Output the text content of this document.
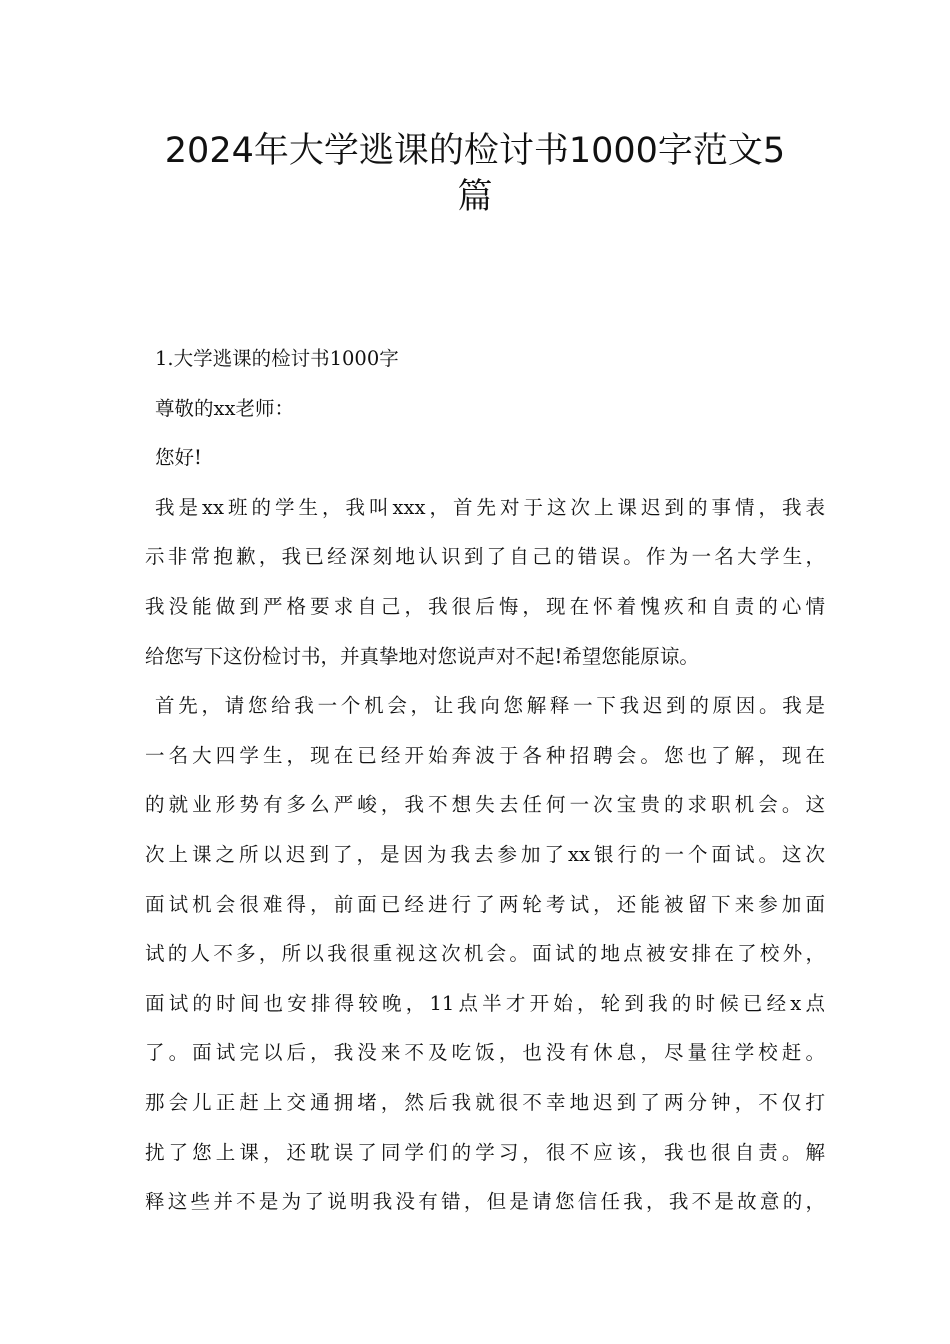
2024年大学逃课的检讨书1000字范文5
篇
1.大学逃课的检讨书1000字
尊敬的xx老师：
您好!
我是xx班的学生，我叫xxx，首先对于这次上课迟到的事情，我表
示非常抱歉，我已经深刻地认识到了自己的错误。作为一名大学生，
我没能做到严格要求自己，我很后悔，现在怀着愧疚和自责的心情
给您写下这份检讨书，并真挚地对您说声对不起!希望您能原谅。
首先，请您给我一个机会，让我向您解释一下我迟到的原因。我是
一名大四学生，现在已经开始奔波于各种招聘会。您也了解，现在
的就业形势有多么严峻，我不想失去任何一次宝贵的求职机会。这
次上课之所以迟到了，是因为我去参加了xx银行的一个面试。这次
面试机会很难得，前面已经进行了两轮考试，还能被留下来参加面
试的人不多，所以我很重视这次机会。面试的地点被安排在了校外，
面试的时间也安排得较晚，11点半才开始，轮到我的时候已经x点
了。面试完以后，我没来不及吃饭，也没有休息，尽量往学校赶。
那会儿正赶上交通拥堵，然后我就很不幸地迟到了两分钟，不仅打
扰了您上课，还耽误了同学们的学习，很不应该，我也很自责。解
释这些并不是为了说明我没有错，但是请您信任我，我不是故意的，
